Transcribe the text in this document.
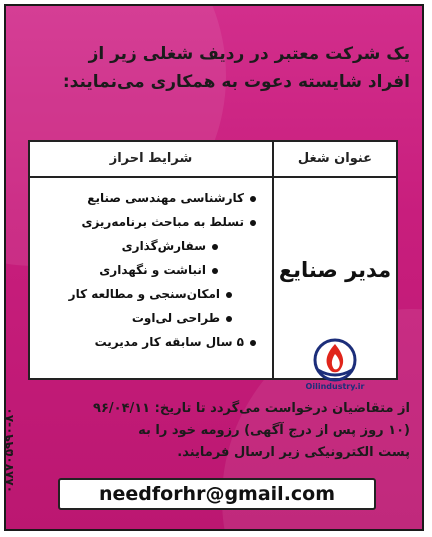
۰۸۸۷۰۵۹۹۰-۸۰
یک شرکت معتبر در ردیف شغلی زیر از
افراد شایسته دعوت به همکاری می‌نمایند:
عنوان شغل
شرایط احراز
مدیر صنایع
Oilindustry.ir
کارشناسی مهندسی صنایع
تسلط به مباحث برنامه‌ریزی
سفارش‌گذاری
انباشت و نگهداری
امکان‌سنجی و مطالعه کار
طراحی لی‌اوت
۵ سال سابقه کار مدیریت
از متقاضیان درخواست می‌گردد تا تاریخ: ۹۶/۰۴/۱۱
(۱۰ روز پس از درج آگهی) رزومه خود را به
پست الکترونیکی زیر ارسال فرمایند.
needforhr@gmail.com
